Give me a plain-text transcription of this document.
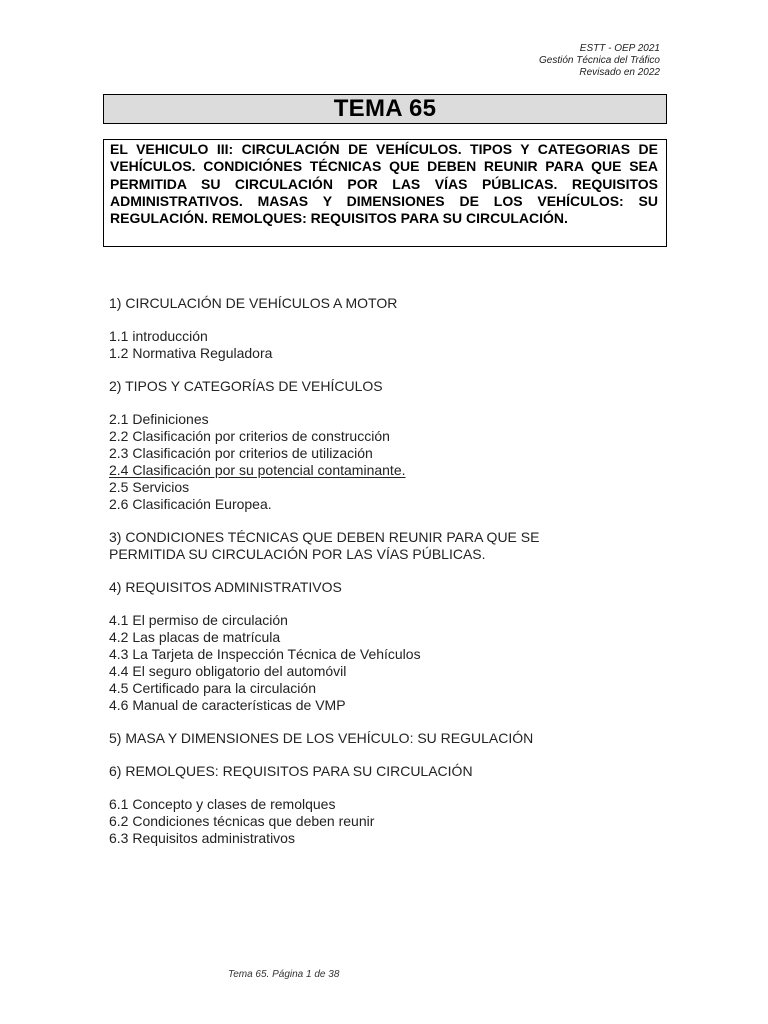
ESTT - OEP 2021
Gestión Técnica del Tráfico
Revisado en 2022
TEMA 65

EL VEHICULO III: CIRCULACIÓN DE VEHÍCULOS. TIPOS Y CATEGORIAS DE VEHÍCULOS. CONDICIÓNES TÉCNICAS QUE DEBEN REUNIR PARA QUE SEA PERMITIDA SU CIRCULACIÓN POR LAS VÍAS PÚBLICAS. REQUISITOS ADMINISTRATIVOS. MASAS Y DIMENSIONES DE LOS VEHÍCULOS: SU REGULACIÓN. REMOLQUES: REQUISITOS PARA SU CIRCULACIÓN.

1) CIRCULACIÓN DE VEHÍCULOS A MOTOR
1.1 introducción
1.2 Normativa Reguladora
2) TIPOS Y CATEGORÍAS DE VEHÍCULOS
2.1 Definiciones
2.2 Clasificación por criterios de construcción
2.3 Clasificación por criterios de utilización
2.4 Clasificación por su potencial contaminante.
2.5 Servicios
2.6 Clasificación Europea.
3) CONDICIONES TÉCNICAS QUE DEBEN REUNIR PARA QUE SE
PERMITIDA SU CIRCULACIÓN POR LAS VÍAS PÚBLICAS.
4) REQUISITOS ADMINISTRATIVOS
4.1 El permiso de circulación
4.2 Las placas de matrícula
4.3 La Tarjeta de Inspección Técnica de Vehículos
4.4 El seguro obligatorio del automóvil
4.5 Certificado para la circulación
4.6 Manual de características de VMP
5) MASA Y DIMENSIONES DE LOS VEHÍCULO: SU REGULACIÓN
6) REMOLQUES: REQUISITOS PARA SU CIRCULACIÓN
6.1 Concepto y clases de remolques
6.2 Condiciones técnicas que deben reunir
6.3 Requisitos administrativos
Tema 65. Página 1 de 38
